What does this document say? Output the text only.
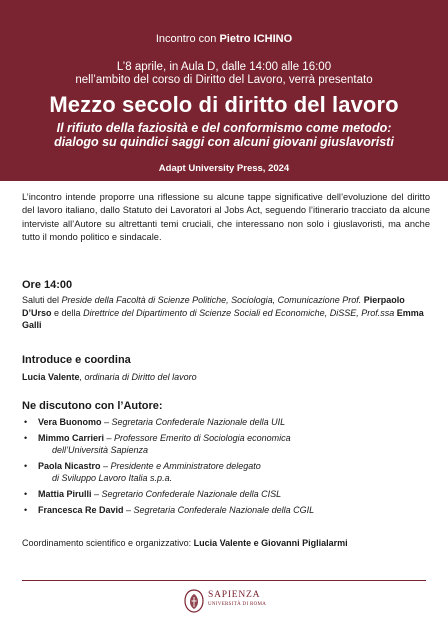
Incontro con Pietro ICHINO
L’8 aprile, in Aula D, dalle 14:00 alle 16:00
nell’ambito del corso di Diritto del Lavoro, verrà presentato
Mezzo secolo di diritto del lavoro
Il rifiuto della faziosità e del conformismo come metodo:
dialogo su quindici saggi con alcuni giovani giuslavoristi
Adapt University Press, 2024

L’incontro intende proporre una riflessione su alcune tappe significative dell’evoluzione del diritto del lavoro italiano, dallo Statuto dei Lavoratori al Jobs Act, seguendo l’itinerario tracciato da alcune interviste all’Autore su altrettanti temi cruciali, che interessano non solo i giuslavoristi, ma anche tutto il mondo politico e sindacale.

Ore 14:00
Saluti del Preside della Facoltà di Scienze Politiche, Sociologia, Comunicazione Prof. Pierpaolo D’Urso e della Direttrice del Dipartimento di Scienze Sociali ed Economiche, DiSSE, Prof.ssa Emma Galli
Introduce e coordina
Lucia Valente, ordinaria di Diritto del lavoro
Ne discutono con l’Autore:
• Vera Buonomo – Segretaria Confederale Nazionale della UIL
• Mimmo Carrieri – Professore Emerito di Sociologia economica
dell’Università Sapienza
• Paola Nicastro – Presidente e Amministratore delegato
di Sviluppo Lavoro Italia s.p.a.
• Mattia Pirulli – Segretario Confederale Nazionale della CISL
• Francesca Re David – Segretaria Confederale Nazionale della CGIL
Coordinamento scientifico e organizzativo: Lucia Valente e Giovanni Piglialarmi
SAPIENZA
UNIVERSITÀ DI ROMA
